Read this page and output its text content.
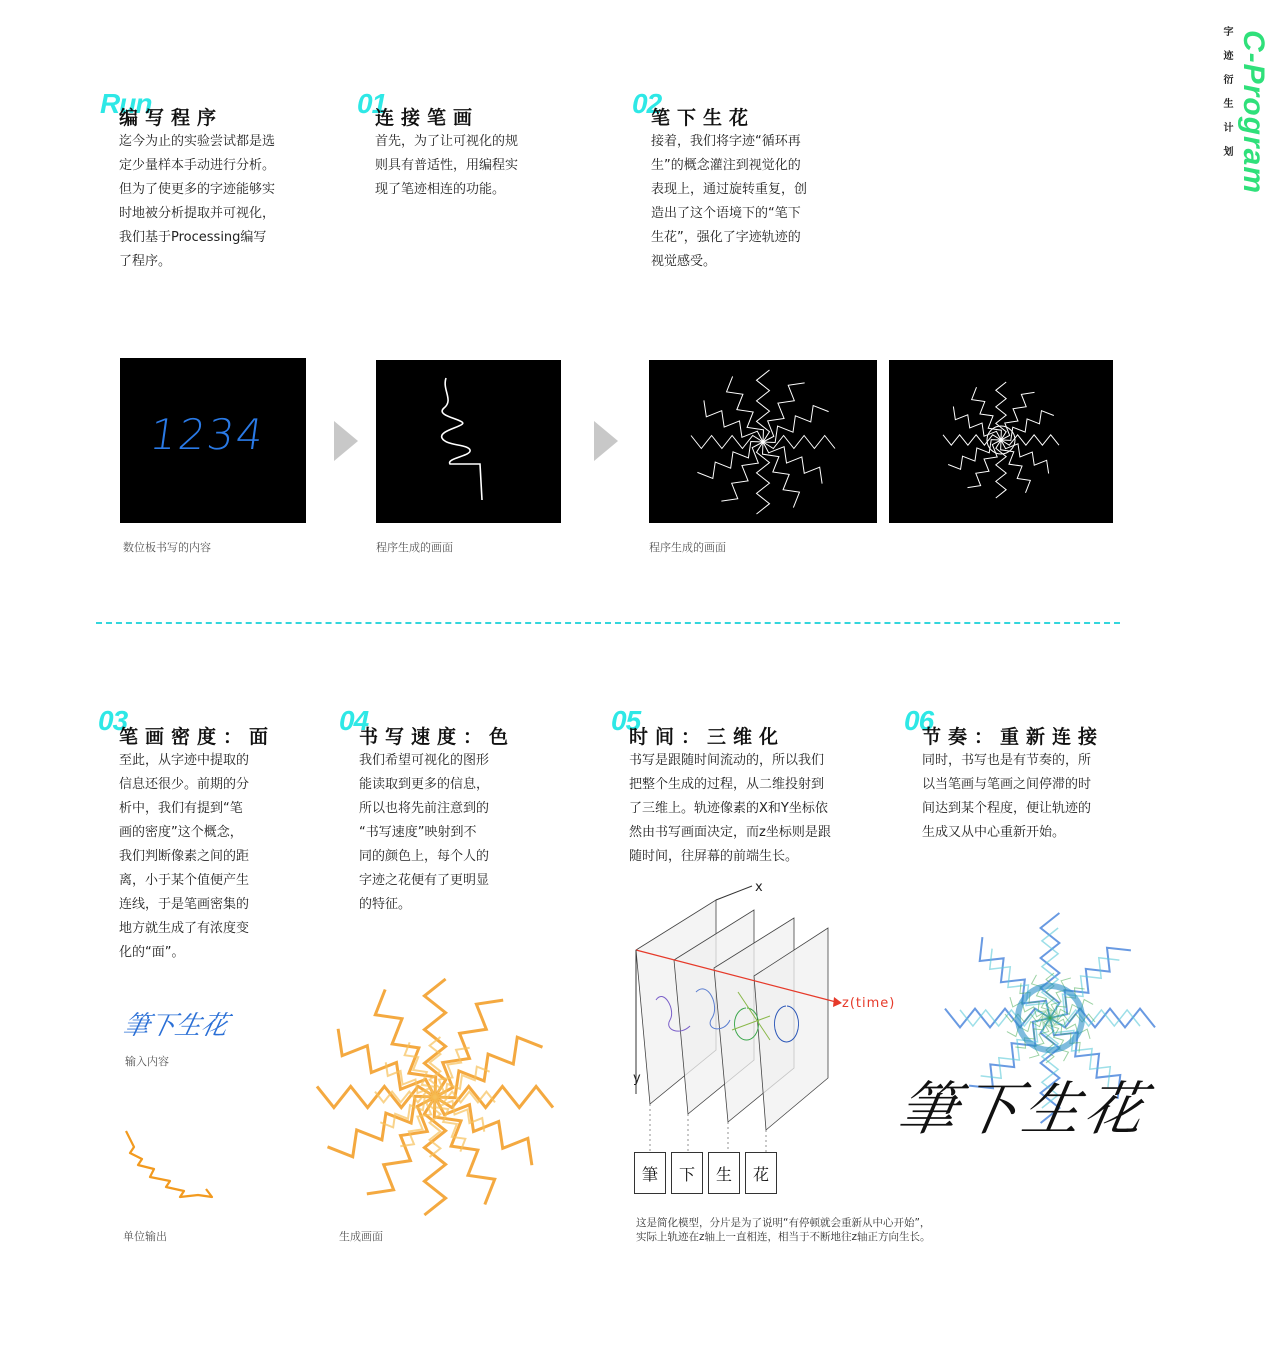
C-Program
字迹衍生计划
Run
编写程序
迄今为止的实验尝试都是选
定少量样本手动进行分析。
但为了使更多的字迹能够实
时地被分析提取并可视化，
我们基于Processing编写
了程序。
01
连接笔画
首先，为了让可视化的规
则具有普适性，用编程实
现了笔迹相连的功能。
02
笔下生花
接着，我们将字迹“循环再
生”的概念灌注到视觉化的
表现上，通过旋转重复，创
造出了这个语境下的“笔下
生花”，强化了字迹轨迹的
视觉感受。
1234
数位板书写的内容	程序生成的画面	程序生成的画面
03
笔画密度：面
至此，从字迹中提取的
信息还很少。前期的分
析中，我们有提到“笔
画的密度”这个概念，
我们判断像素之间的距
离，小于某个值便产生
连线，于是笔画密集的
地方就生成了有浓度变
化的“面”。
04
书写速度：色
我们希望可视化的图形
能读取到更多的信息，
所以也将先前注意到的
“书写速度”映射到不
同的颜色上，每个人的
字迹之花便有了更明显
的特征。
05
时间：三维化
书写是跟随时间流动的，所以我们
把整个生成的过程，从二维投射到
了三维上。轨迹像素的X和Y坐标依
然由书写画面决定，而z坐标则是跟
随时间，往屏幕的前端生长。
06
节奏：重新连接
同时，书写也是有节奏的，所
以当笔画与笔画之间停滞的时
间达到某个程度，便让轨迹的
生成又从中心重新开始。
筆下生花
输入内容
单位输出	生成画面
x
y
z(time)
筆	下	生	花
这是简化模型，分片是为了说明“有停顿就会重新从中心开始”，
实际上轨迹在z轴上一直相连，相当于不断地往z轴正方向生长。
筆下生花
